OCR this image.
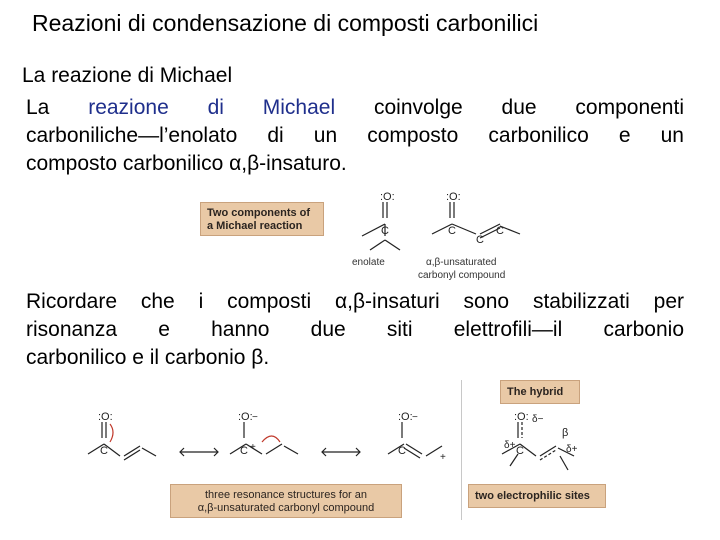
Reazioni di condensazione di composti carbonilici
La reazione di Michael
La reazione di Michael coinvolge due componenti
carboniliche—l’enolato di un composto carbonilico e un
composto carbonilico α,β-insaturo.
Two components of
a Michael reaction
:O:
C
:O:
C
C
C
enolate	α,β-unsaturated
carbonyl compound
Ricordare che i composti α,β-insaturi sono stabilizzati per
risonanza e hanno due siti elettrofili—il carbonio
carbonilico e il carbonio β.
The hybrid
:O:
C
:O:
C
:O:
C
−
+
−
+
:O:
C
δ−
δ+
β
δ+
three resonance structures for an
α,β-unsaturated carbonyl compound
two electrophilic sites
